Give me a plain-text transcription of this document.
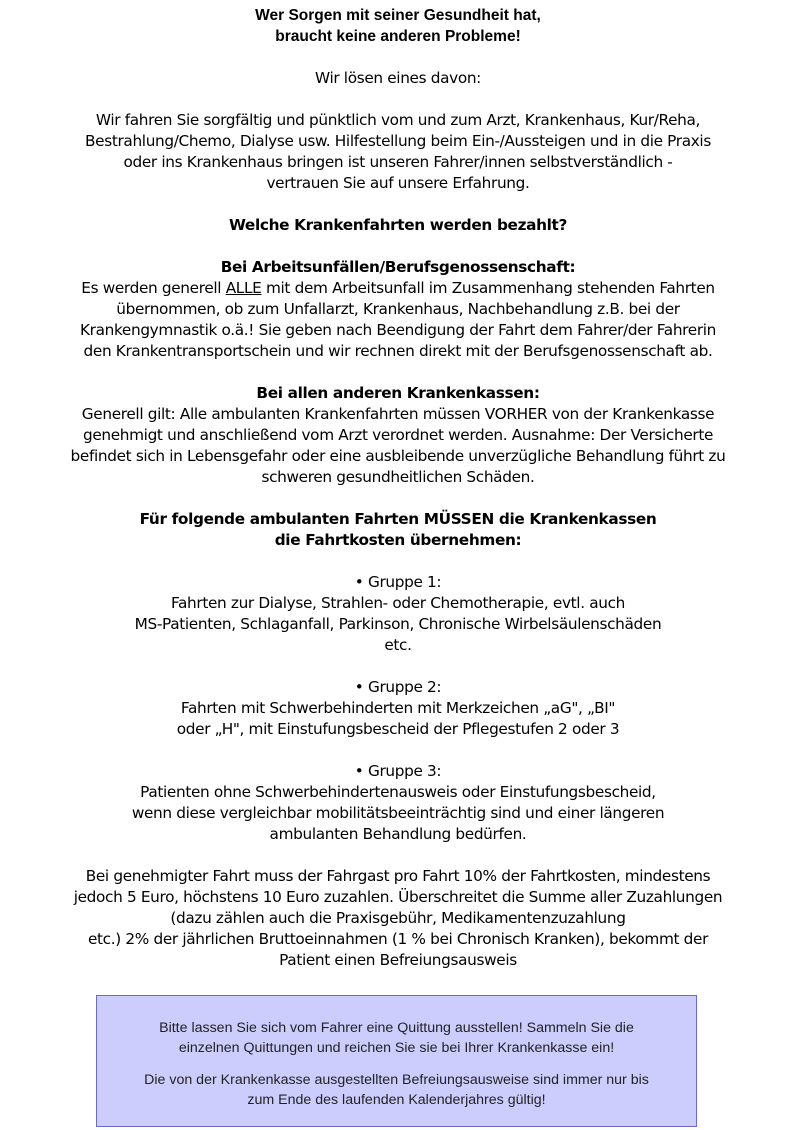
Wer Sorgen mit seiner Gesundheit hat,
braucht keine anderen Probleme!
Wir lösen eines davon:
Wir fahren Sie sorgfältig und pünktlich vom und zum Arzt, Krankenhaus, Kur/Reha,
Bestrahlung/Chemo, Dialyse usw. Hilfestellung beim Ein-/Aussteigen und in die Praxis
oder ins Krankenhaus bringen ist unseren Fahrer/innen selbstverständlich -
vertrauen Sie auf unsere Erfahrung.
Welche Krankenfahrten werden bezahlt?
Bei Arbeitsunfällen/Berufsgenossenschaft:
Es werden generell ALLE mit dem Arbeitsunfall im Zusammenhang stehenden Fahrten
übernommen, ob zum Unfallarzt, Krankenhaus, Nachbehandlung z.B. bei der
Krankengymnastik o.ä.! Sie geben nach Beendigung der Fahrt dem Fahrer/der Fahrerin
den Krankentransportschein und wir rechnen direkt mit der Berufsgenossenschaft ab.
Bei allen anderen Krankenkassen:
Generell gilt: Alle ambulanten Krankenfahrten müssen VORHER von der Krankenkasse
genehmigt und anschließend vom Arzt verordnet werden. Ausnahme: Der Versicherte
befindet sich in Lebensgefahr oder eine ausbleibende unverzügliche Behandlung führt zu
schweren gesundheitlichen Schäden.
Für folgende ambulanten Fahrten MÜSSEN die Krankenkassen
die Fahrtkosten übernehmen:
• Gruppe 1:
Fahrten zur Dialyse, Strahlen- oder Chemotherapie, evtl. auch
MS-Patienten, Schlaganfall, Parkinson, Chronische Wirbelsäulenschäden
etc.
• Gruppe 2:
Fahrten mit Schwerbehinderten mit Merkzeichen „aG", „BI"
oder „H", mit Einstufungsbescheid der Pflegestufen 2 oder 3
• Gruppe 3:
Patienten ohne Schwerbehindertenausweis oder Einstufungsbescheid,
wenn diese vergleichbar mobilitätsbeeinträchtig sind und einer längeren
ambulanten Behandlung bedürfen.
Bei genehmigter Fahrt muss der Fahrgast pro Fahrt 10% der Fahrtkosten, mindestens
jedoch 5 Euro, höchstens 10 Euro zuzahlen. Überschreitet die Summe aller Zuzahlungen
(dazu zählen auch die Praxisgebühr, Medikamentenzuzahlung
etc.) 2% der jährlichen Bruttoeinnahmen (1 % bei Chronisch Kranken), bekommt der
Patient einen Befreiungsausweis

Bitte lassen Sie sich vom Fahrer eine Quittung ausstellen! Sammeln Sie die
einzelnen Quittungen und reichen Sie sie bei Ihrer Krankenkasse ein!

Die von der Krankenkasse ausgestellten Befreiungsausweise sind immer nur bis
zum Ende des laufenden Kalenderjahres gültig!
